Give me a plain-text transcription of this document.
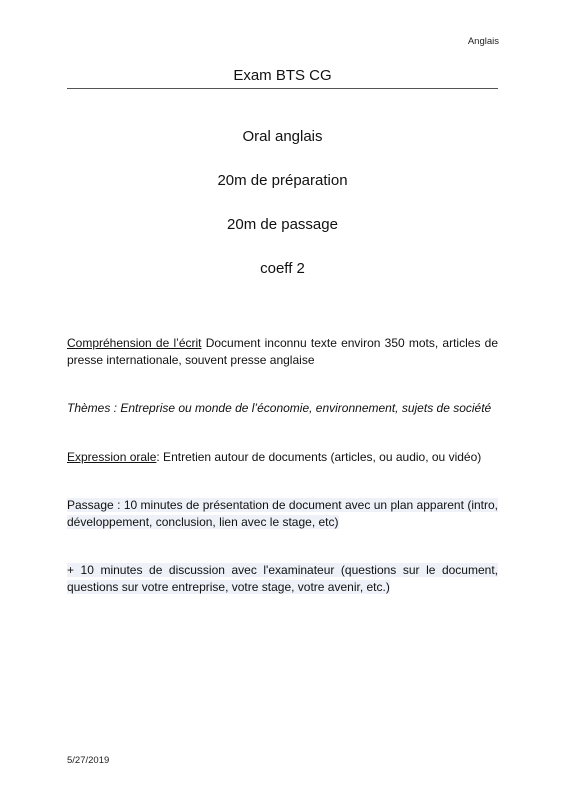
Anglais
Exam BTS CG
Oral anglais
20m de préparation
20m de passage
coeff 2
Compréhension de l’écrit Document inconnu texte environ 350 mots, articles de presse internationale, souvent presse anglaise
Thèmes : Entreprise ou monde de l’économie, environnement, sujets de société
Expression orale: Entretien autour de documents (articles, ou audio, ou vidéo)
Passage : 10 minutes de présentation de document avec un plan apparent (intro, développement, conclusion, lien avec le stage, etc)
+ 10 minutes de discussion avec l'examinateur (questions sur le document, questions sur votre entreprise, votre stage, votre avenir, etc.)
5/27/2019
